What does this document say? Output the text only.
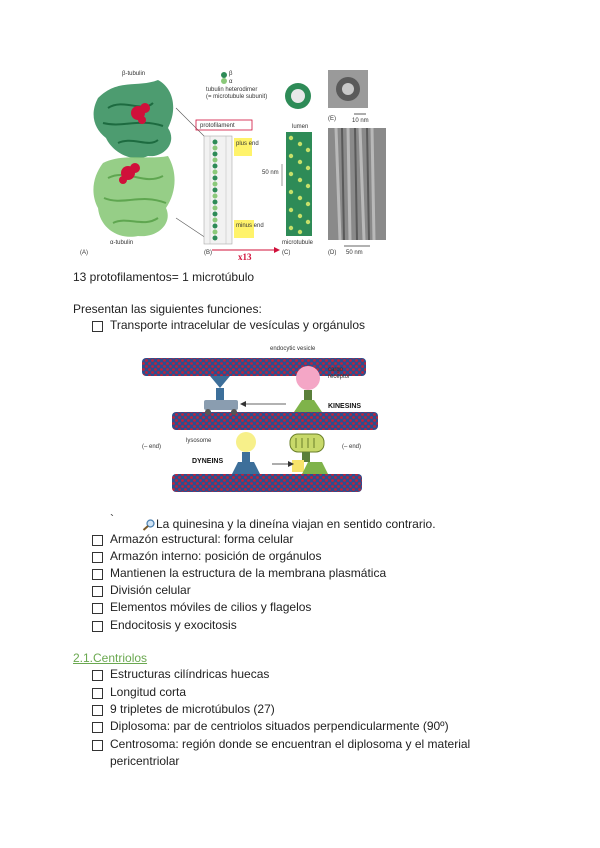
β-tubulin
α-tubulin
(A)
β
α
tubulin heterodimer
(= microtubule subunit)
protofilament
plus end
minus end
(B)	x13
lumen
50 nm
microtubule
(C)
(E)	10 nm
50 nm
(D)
13 protofilamentos= 1 microtúbulo
Presentan las siguientes funciones:
Transporte intracelular de vesículas y orgánulos
endocytic vesicle
cargo
receptor
KINESINS
lysosome
DYNEINS
(– end)	(– end)
`	La quinesina y la dineína viajan en sentido contrario.
Armazón estructural: forma celular
Armazón interno: posición de orgánulos
Mantienen la estructura de la membrana plasmática
División celular
Elementos móviles de cilios y flagelos
Endocitosis y exocitosis
2.1.Centriolos
Estructuras cilíndricas huecas
Longitud corta
9 tripletes de microtúbulos (27)
Diplosoma: par de centriolos situados perpendicularmente (90º)
Centrosoma: región donde se encuentran el diplosoma y el material
pericentriolar
